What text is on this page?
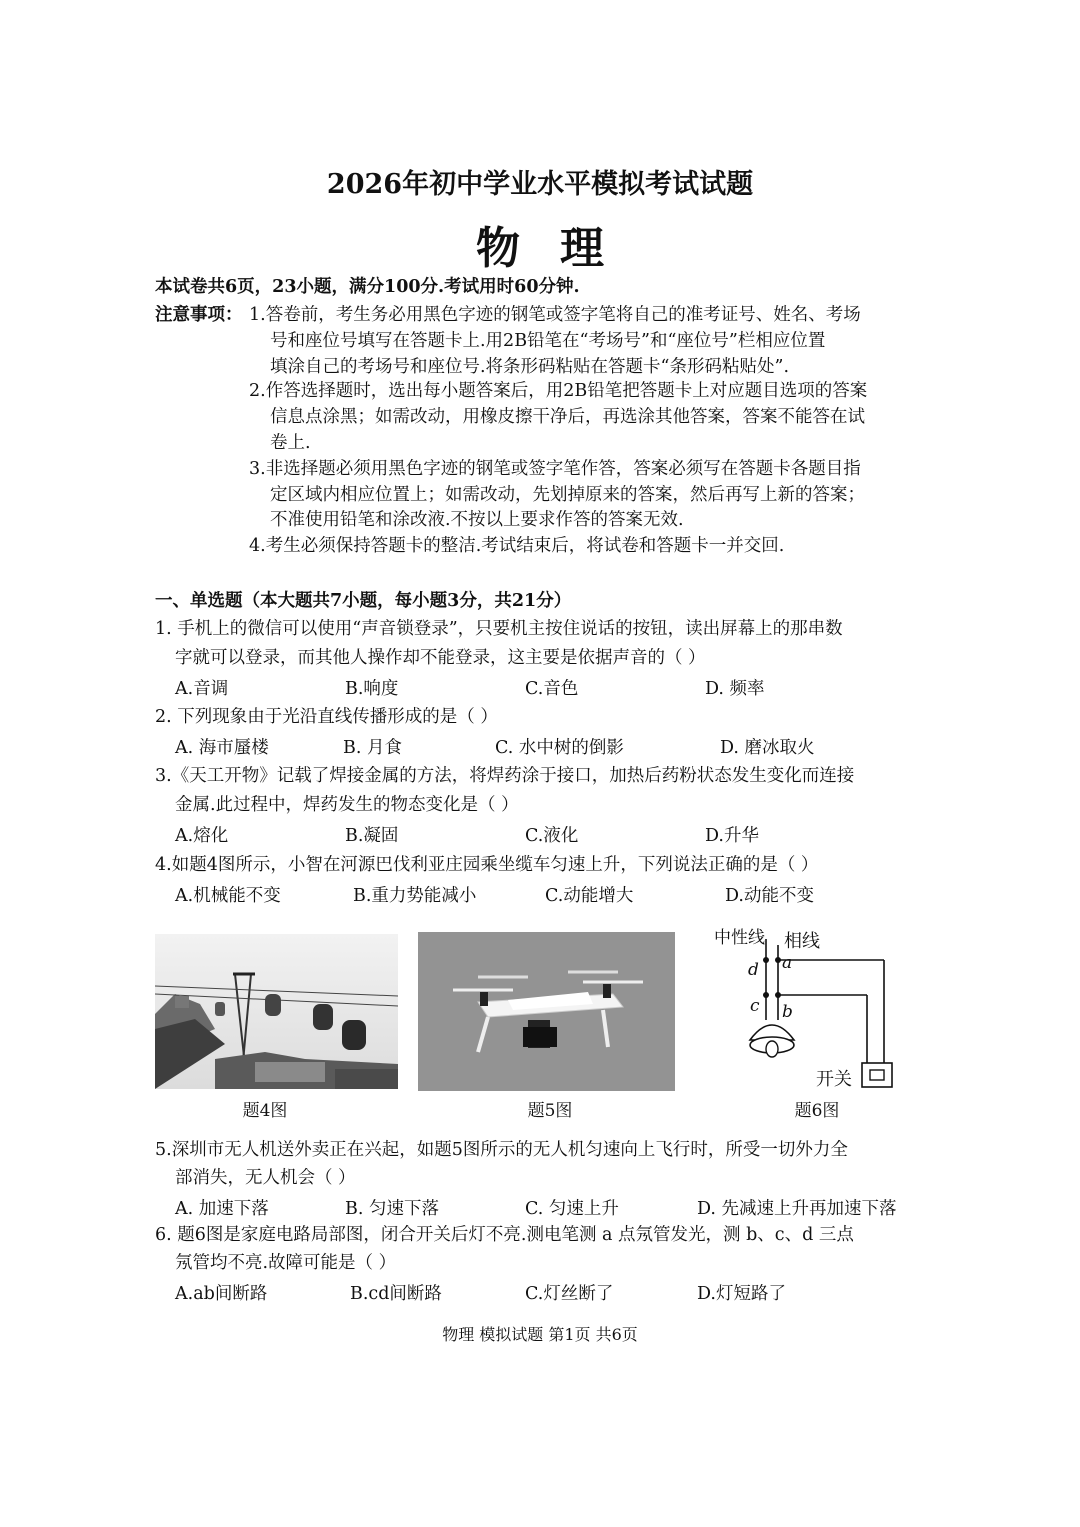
2026年初中学业水平模拟考试试题
物理
本试卷共6页，23小题，满分100分.考试用时60分钟.
注意事项： 1.答卷前，考生务必用黑色字迹的钢笔或签字笔将自己的准考证号、姓名、考场
号和座位号填写在答题卡上.用2B铅笔在“考场号”和“座位号”栏相应位置
填涂自己的考场号和座位号.将条形码粘贴在答题卡“条形码粘贴处”.
2.作答选择题时，选出每小题答案后，用2B铅笔把答题卡上对应题目选项的答案
信息点涂黑；如需改动，用橡皮擦干净后，再选涂其他答案，答案不能答在试
卷上.
3.非选择题必须用黑色字迹的钢笔或签字笔作答，答案必须写在答题卡各题目指
定区域内相应位置上；如需改动，先划掉原来的答案，然后再写上新的答案；
不准使用铅笔和涂改液.不按以上要求作答的答案无效.
4.考生必须保持答题卡的整洁.考试结束后，将试卷和答题卡一并交回.
一、单选题（本大题共7小题，每小题3分，共21分）
1. 手机上的微信可以使用“声音锁登录”，只要机主按住说话的按钮，读出屏幕上的那串数
字就可以登录，而其他人操作却不能登录，这主要是依据声音的（ ）
A.音调	B.响度	C.音色	D. 频率
2. 下列现象由于光沿直线传播形成的是（ ）
A. 海市蜃楼	B. 月食	C. 水中树的倒影	D. 磨冰取火
3.《天工开物》记载了焊接金属的方法，将焊药涂于接口，加热后药粉状态发生变化而连接
金属.此过程中，焊药发生的物态变化是（ ）
A.熔化	B.凝固	C.液化	D.升华
4.如题4图所示，小智在河源巴伐利亚庄园乘坐缆车匀速上升，下列说法正确的是（ ）
A.机械能不变	B.重力势能减小	C.动能增大	D.动能不变
中性线 相线
d a
c b
开关
题4图	题5图	题6图
5.深圳市无人机送外卖正在兴起，如题5图所示的无人机匀速向上飞行时，所受一切外力全
部消失，无人机会（ ）
A. 加速下落	B. 匀速下落	C. 匀速上升	D. 先减速上升再加速下落
6. 题6图是家庭电路局部图，闭合开关后灯不亮.测电笔测 a 点氖管发光，测 b、c、d 三点
氖管均不亮.故障可能是（ ）
A.ab间断路	B.cd间断路	C.灯丝断了	D.灯短路了
物理 模拟试题 第1页 共6页
